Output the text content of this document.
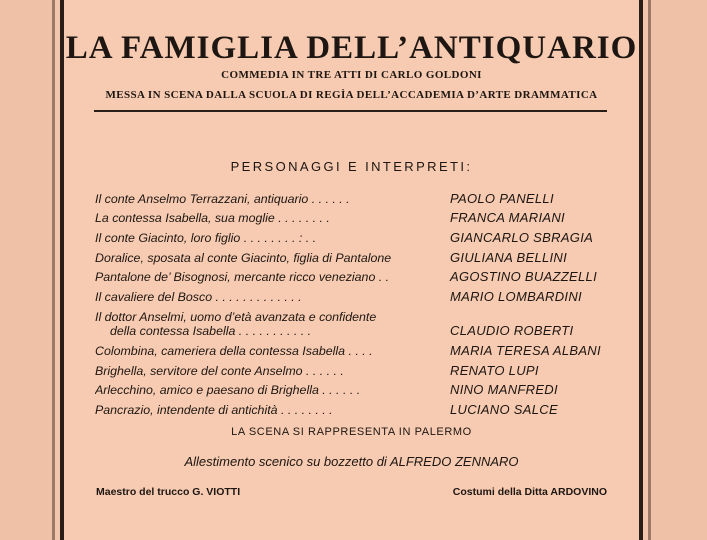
LA FAMIGLIA DELL’ANTIQUARIO
COMMEDIA IN TRE ATTI DI CARLO GOLDONI
MESSA IN SCENA DALLA SCUOLA DI REGÌA DELL’ACCADEMIA D’ARTE DRAMMATICA
PERSONAGGI E INTERPRETI:
Il conte Anselmo Terrazzani, antiquario . . . . . .	PAOLO PANELLI
La contessa Isabella, sua moglie . . . . . . . .	FRANCA MARIANI
Il conte Giacinto, loro figlio . . . . . . . . : . .	GIANCARLO SBRAGIA
Doralice, sposata al conte Giacinto, figlia di Pantalone	GIULIANA BELLINI
Pantalone de’ Bisognosi, mercante ricco veneziano . .	AGOSTINO BUAZZELLI
Il cavaliere del Bosco . . . . . . . . . . . . .	MARIO LOMBARDINI
Il dottor Anselmi, uomo d’età avanzata e confidente
della contessa Isabella . . . . . . . . . . .	CLAUDIO ROBERTI
Colombina, cameriera della contessa Isabella . . . .	MARIA TERESA ALBANI
Brighella, servitore del conte Anselmo . . . . . .	RENATO LUPI
Arlecchino, amico e paesano di Brighella . . . . . .	NINO MANFREDI
Pancrazio, intendente di antichità . . . . . . . .	LUCIANO SALCE
LA SCENA SI RAPPRESENTA IN PALERMO
Allestimento scenico su bozzetto di ALFREDO ZENNARO
Maestro del trucco G. VIOTTI	Costumi della Ditta ARDOVINO
